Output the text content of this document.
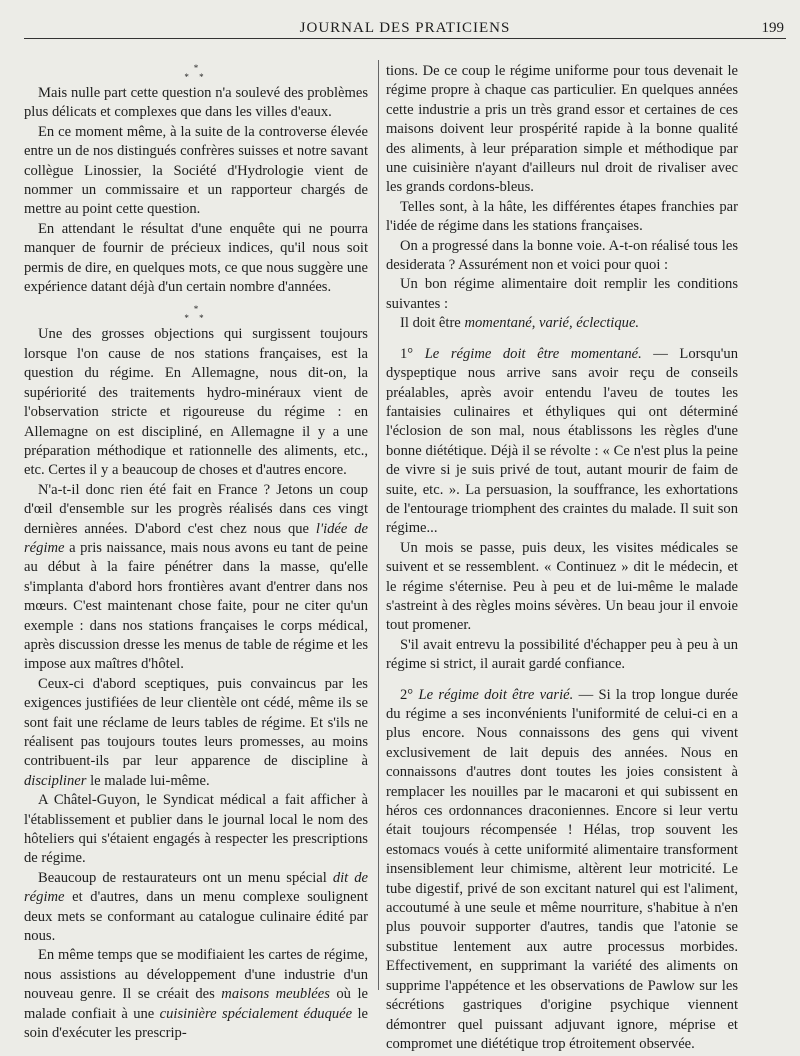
JOURNAL DES PRATICIENS	199
*
* *

Mais nulle part cette question n'a soulevé des problèmes plus délicats et complexes que dans les villes d'eaux.

En ce moment même, à la suite de la controverse élevée entre un de nos distingués confrères suisses et notre savant collègue Linossier, la Société d'Hydrologie vient de nommer un commissaire et un rapporteur chargés de mettre au point cette question.

En attendant le résultat d'une enquête qui ne pourra manquer de fournir de précieux indices, qu'il nous soit permis de dire, en quelques mots, ce que nous suggère une expérience datant déjà d'un certain nombre d'années.

*
* *

Une des grosses objections qui surgissent toujours lorsque l'on cause de nos stations françaises, est la question du régime. En Allemagne, nous dit-on, la supériorité des traitements hydro-minéraux vient de l'observation stricte et rigoureuse du régime : en Allemagne on est discipliné, en Allemagne il y a une préparation méthodique et rationnelle des aliments, etc., etc. Certes il y a beaucoup de choses et d'autres encore.

N'a-t-il donc rien été fait en France ? Jetons un coup d'œil d'ensemble sur les progrès réalisés dans ces vingt dernières années. D'abord c'est chez nous que l'idée de régime a pris naissance, mais nous avons eu tant de peine au début à la faire pénétrer dans la masse, qu'elle s'implanta d'abord hors frontières avant d'entrer dans nos mœurs. C'est maintenant chose faite, pour ne citer qu'un exemple : dans nos stations françaises le corps médical, après discussion dresse les menus de table de régime et les impose aux maîtres d'hôtel.

Ceux-ci d'abord sceptiques, puis convaincus par les exigences justifiées de leur clientèle ont cédé, même ils se sont fait une réclame de leurs tables de régime. Et s'ils ne réalisent pas toujours toutes leurs promesses, au moins contribuent-ils par leur apparence de discipline à discipliner le malade lui-même.

A Châtel-Guyon, le Syndicat médical a fait afficher à l'établissement et publier dans le journal local le nom des hôteliers qui s'étaient engagés à respecter les prescriptions de régime.

Beaucoup de restaurateurs ont un menu spécial dit de régime et d'autres, dans un menu complexe soulignent deux mets se conformant au catalogue culinaire édité par nous.

En même temps que se modifiaient les cartes de régime, nous assistions au développement d'une industrie d'un nouveau genre. Il se créait des maisons meublées où le malade confiait à une cuisinière spécialement éduquée le soin d'exécuter les prescrip-

tions. De ce coup le régime uniforme pour tous devenait le régime propre à chaque cas particulier. En quelques années cette industrie a pris un très grand essor et certaines de ces maisons doivent leur prospérité rapide à la bonne qualité des aliments, à leur préparation simple et méthodique par une cuisinière n'ayant d'ailleurs nul droit de rivaliser avec les grands cordons-bleus.

Telles sont, à la hâte, les différentes étapes franchies par l'idée de régime dans les stations françaises.

On a progressé dans la bonne voie. A-t-on réalisé tous les desiderata ? Assurément non et voici pour quoi :

Un bon régime alimentaire doit remplir les conditions suivantes :

Il doit être momentané, varié, éclectique.

1° Le régime doit être momentané. — Lorsqu'un dyspeptique nous arrive sans avoir reçu de conseils préalables, après avoir entendu l'aveu de toutes les fantaisies culinaires et éthyliques qui ont déterminé l'éclosion de son mal, nous établissons les règles d'une bonne diététique. Déjà il se révolte : « Ce n'est plus la peine de vivre si je suis privé de tout, autant mourir de faim de suite, etc. ». La persuasion, la souffrance, les exhortations de l'entourage triomphent des craintes du malade. Il suit son régime...

Un mois se passe, puis deux, les visites médicales se suivent et se ressemblent. « Continuez » dit le médecin, et le régime s'éternise. Peu à peu et de lui-même le malade s'astreint à des règles moins sévères. Un beau jour il envoie tout promener.

S'il avait entrevu la possibilité d'échapper peu à peu à un régime si strict, il aurait gardé confiance.

2° Le régime doit être varié. — Si la trop longue durée du régime a ses inconvénients l'uniformité de celui-ci en a plus encore. Nous connaissons des gens qui vivent exclusivement de lait depuis des années. Nous en connaissons d'autres dont toutes les joies consistent à remplacer les nouilles par le macaroni et qui subissent en héros ces ordonnances draconiennes. Encore si leur vertu était toujours récompensée ! Hélas, trop souvent les estomacs voués à cette uniformité alimentaire transforment insensiblement leur chimisme, altèrent leur motricité. Le tube digestif, privé de son excitant naturel qui est l'aliment, accoutumé à une seule et même nourriture, s'habitue à n'en plus pouvoir supporter d'autres, tandis que l'atonie se substitue lentement aux autre processus morbides. Effectivement, en supprimant la variété des aliments on supprime l'appétence et les observations de Pawlow sur les sécrétions gastriques d'origine psychique viennent démontrer quel puissant adjuvant ignore, méprise et compromet une diététique trop étroitement observée.
